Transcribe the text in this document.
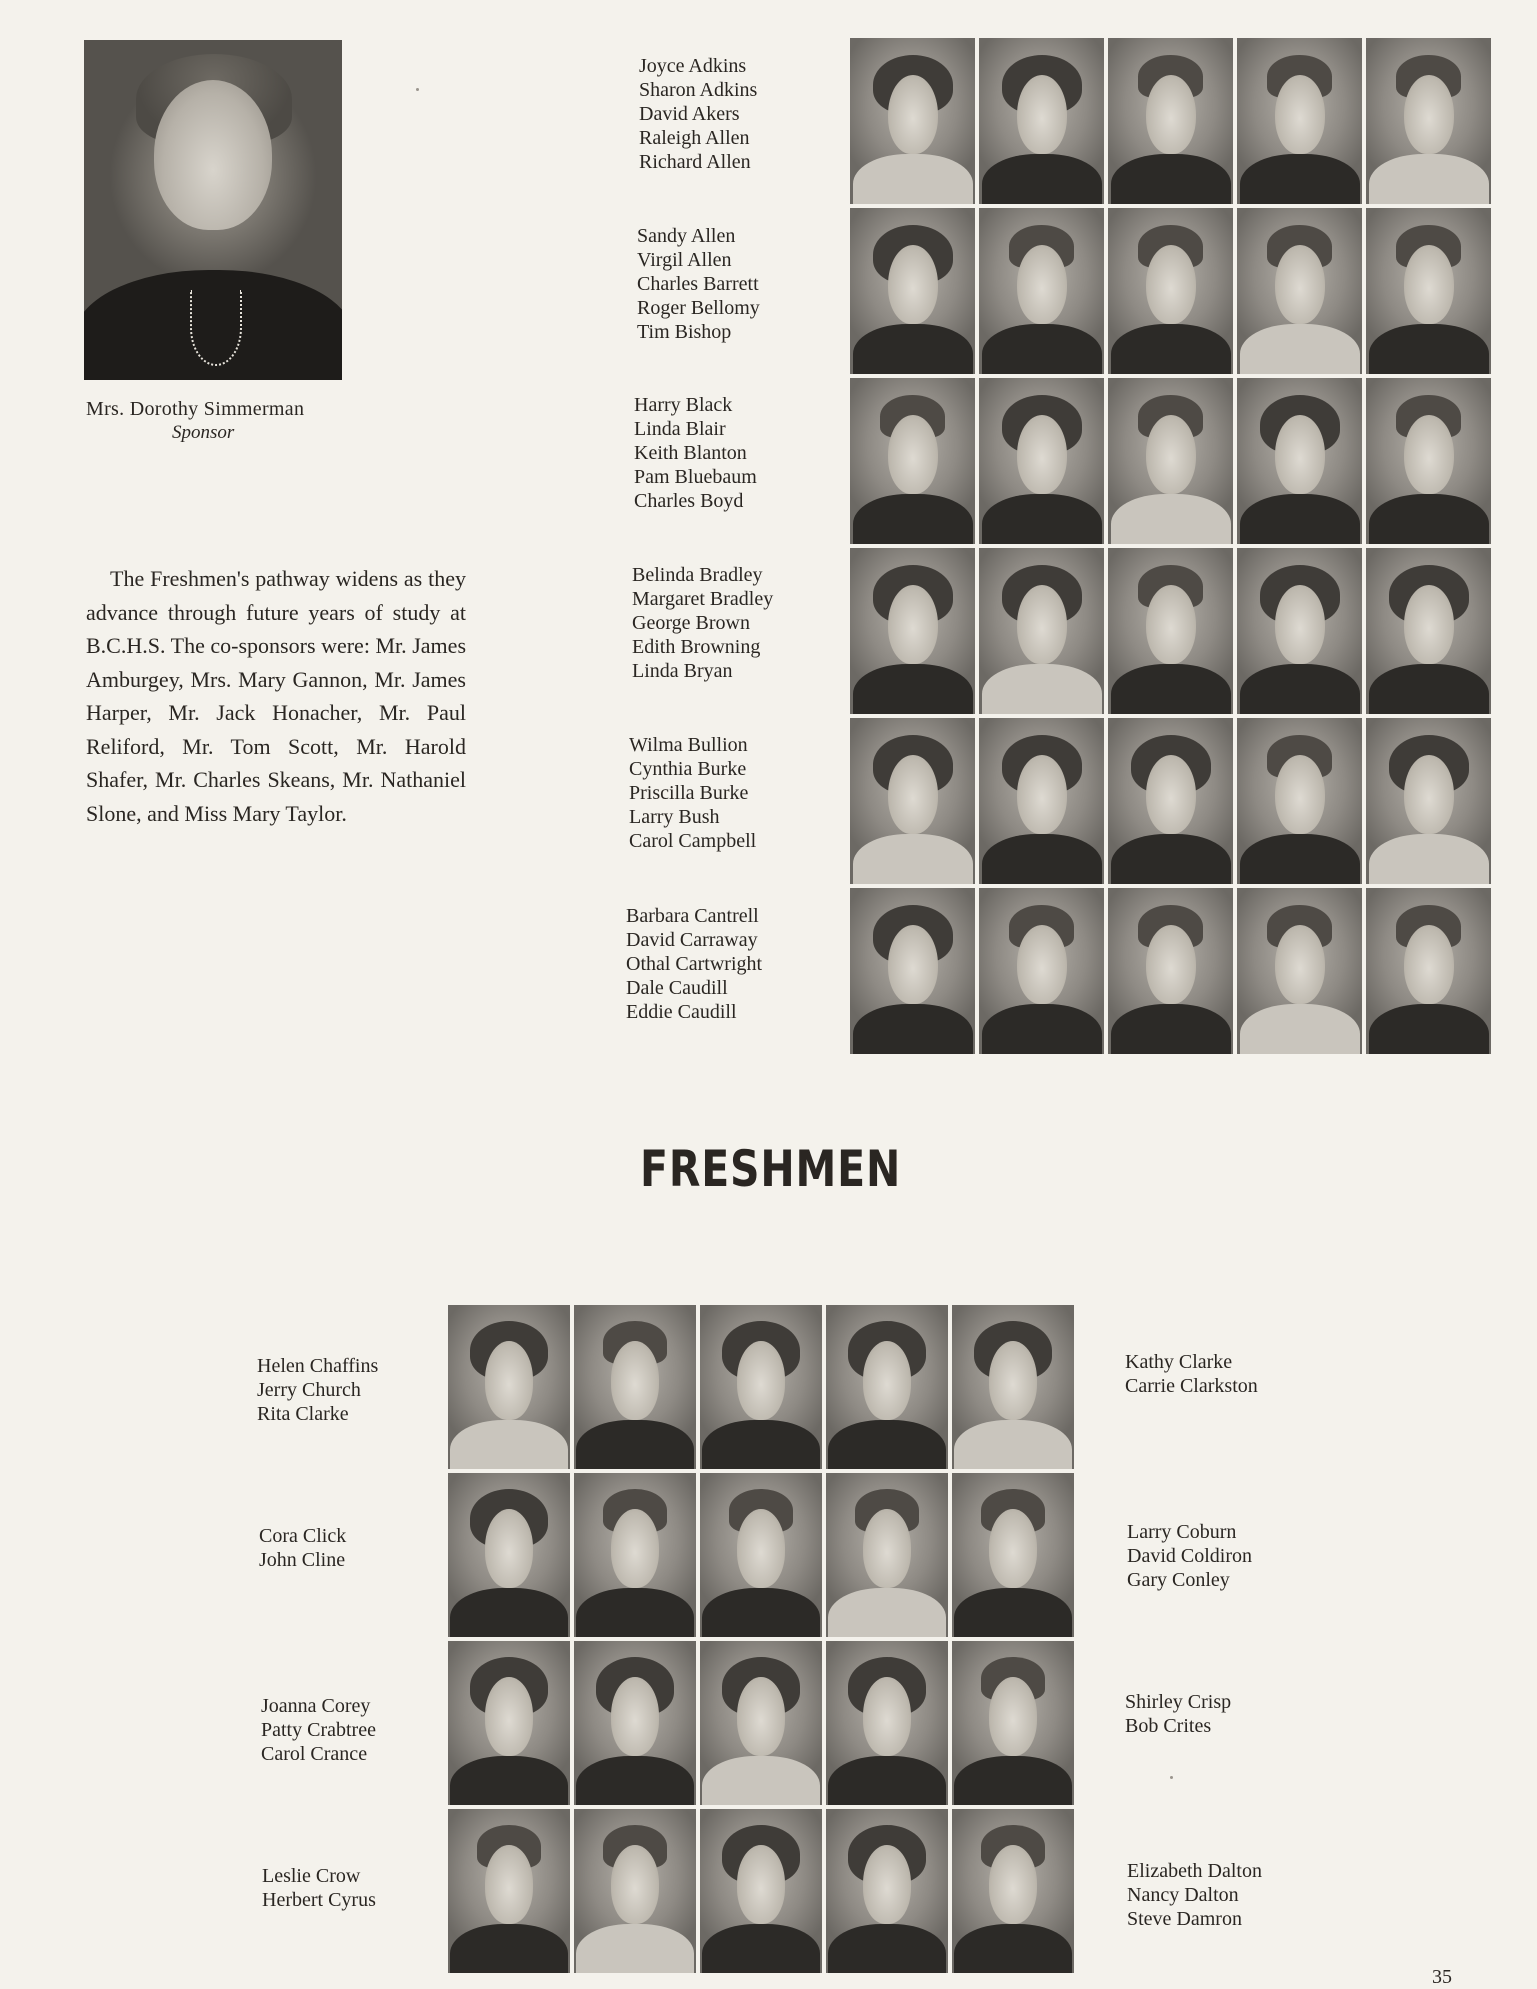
Mrs. Dorothy Simmerman
Sponsor

The Freshmen's pathway widens as they advance through future years of study at B.C.H.S. The co-sponsors were: Mr. James Amburgey, Mrs. Mary Gannon, Mr. James Harper, Mr. Jack Honacher, Mr. Paul Reliford, Mr. Tom Scott, Mr. Harold Shafer, Mr. Charles Skeans, Mr. Nathaniel Slone, and Miss Mary Taylor.

Joyce Adkins
Sharon Adkins
David Akers
Raleigh Allen
Richard Allen
Sandy Allen
Virgil Allen
Charles Barrett
Roger Bellomy
Tim Bishop
Harry Black
Linda Blair
Keith Blanton
Pam Bluebaum
Charles Boyd
Belinda Bradley
Margaret Bradley
George Brown
Edith Browning
Linda Bryan
Wilma Bullion
Cynthia Burke
Priscilla Burke
Larry Bush
Carol Campbell
Barbara Cantrell
David Carraway
Othal Cartwright
Dale Caudill
Eddie Caudill
FRESHMEN
Helen Chaffins
Jerry Church
Rita Clarke
Cora Click
John Cline
Joanna Corey
Patty Crabtree
Carol Crance
Leslie Crow
Herbert Cyrus
Kathy Clarke
Carrie Clarkston
Larry Coburn
David Coldiron
Gary Conley
Shirley Crisp
Bob Crites
Elizabeth Dalton
Nancy Dalton
Steve Damron
35
